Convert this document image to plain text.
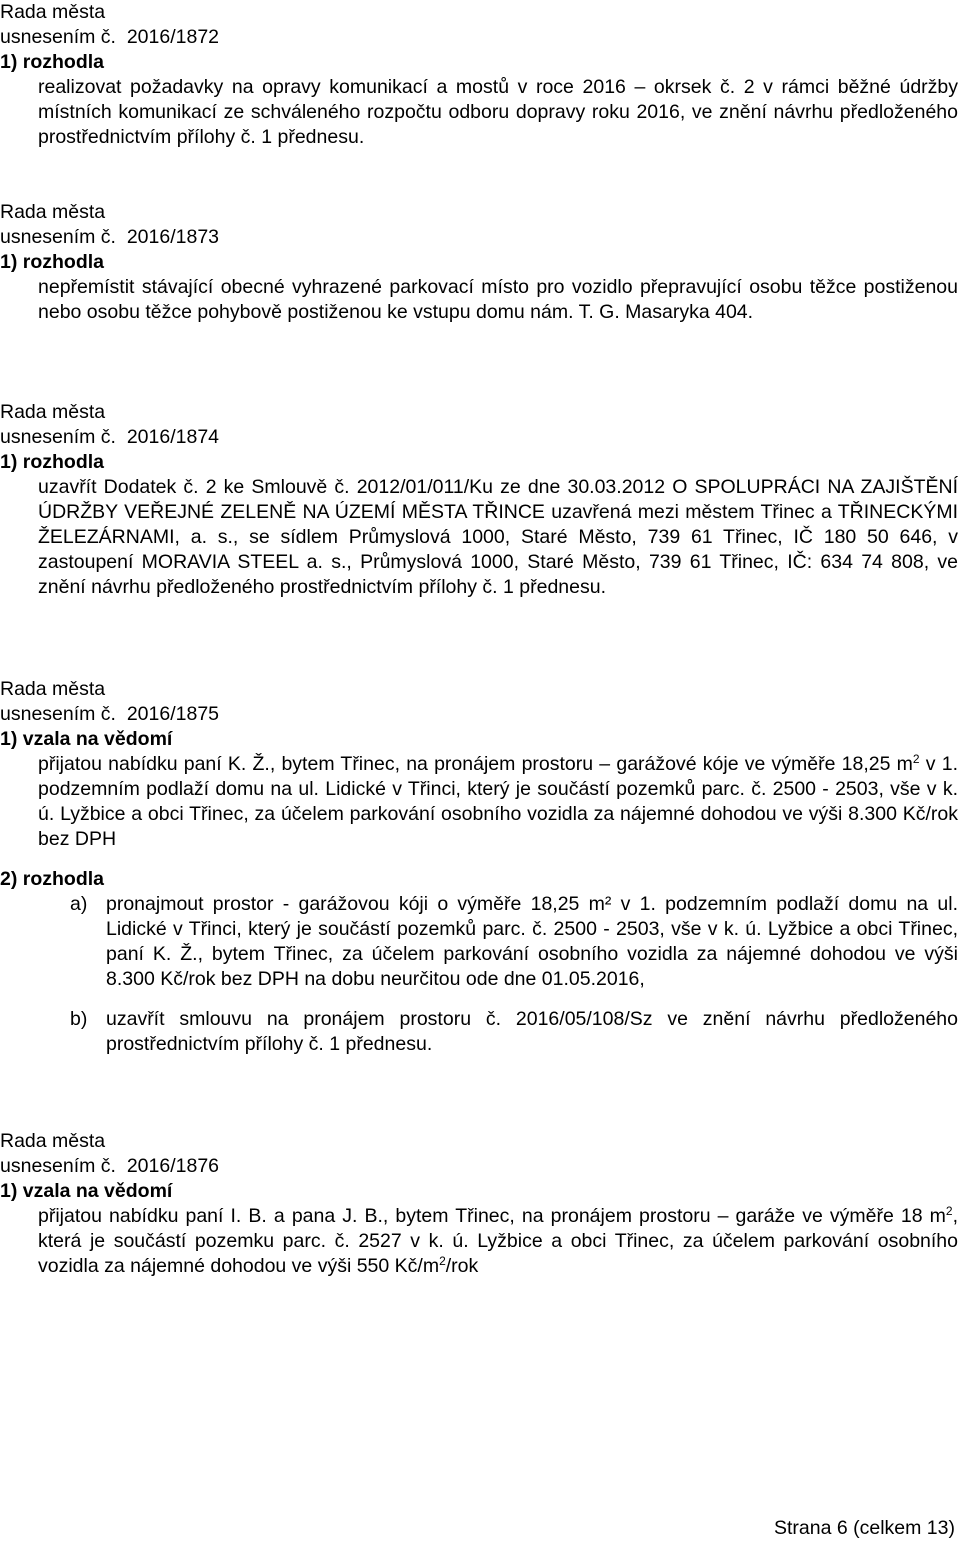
Rada města
usnesením č. 2016/1872
1) rozhodla

realizovat požadavky na opravy komunikací a mostů v roce 2016 – okrsek č. 2 v rámci běžné údržby místních komunikací ze schváleného rozpočtu odboru dopravy roku 2016, ve znění návrhu předloženého prostřednictvím přílohy č. 1 přednesu.

Rada města
usnesením č. 2016/1873
1) rozhodla

nepřemístit stávající obecné vyhrazené parkovací místo pro vozidlo přepravující osobu těžce postiženou nebo osobu těžce pohybově postiženou ke vstupu domu nám. T. G. Masaryka 404.

Rada města
usnesením č. 2016/1874
1) rozhodla

uzavřít Dodatek č. 2 ke Smlouvě č. 2012/01/011/Ku ze dne 30.03.2012 O SPOLUPRÁCI NA ZAJIŠTĚNÍ ÚDRŽBY VEŘEJNÉ ZELENĚ NA ÚZEMÍ MĚSTA TŘINCE uzavřená mezi městem Třinec a TŘINECKÝMI ŽELEZÁRNAMI, a. s., se sídlem Průmyslová 1000, Staré Město, 739 61 Třinec, IČ 180 50 646, v zastoupení MORAVIA STEEL a. s., Průmyslová 1000, Staré Město, 739 61 Třinec, IČ: 634 74 808, ve znění návrhu předloženého prostřednictvím přílohy č. 1 přednesu.

Rada města
usnesením č. 2016/1875
1) vzala na vědomí

přijatou nabídku paní K. Ž., bytem Třinec, na pronájem prostoru – garážové kóje ve výměře 18,25 $m^2$ v 1. podzemním podlaží domu na ul. Lidické v Třinci, který je součástí pozemků parc. č. 2500 - 2503, vše v k. ú. Lyžbice a obci Třinec, za účelem parkování osobního vozidla za nájemné dohodou ve výši 8.300 Kč/rok bez DPH

2) rozhodla
a) pronajmout prostor - garážovou kóji o výměře 18,25 m² v 1. podzemním podlaží domu na ul. Lidické v Třinci, který je součástí pozemků parc. č. 2500 - 2503, vše v k. ú. Lyžbice a obci Třinec, paní K. Ž., bytem Třinec, za účelem parkování osobního vozidla za nájemné dohodou ve výši 8.300 Kč/rok bez DPH na dobu neurčitou ode dne 01.05.2016,

b) uzavřít smlouvu na pronájem prostoru č. 2016/05/108/Sz ve znění návrhu předloženého prostřednictvím přílohy č. 1 přednesu.

Rada města
usnesením č. 2016/1876
1) vzala na vědomí

přijatou nabídku paní I. B. a pana J. B., bytem Třinec, na pronájem prostoru – garáže ve výměře 18 $m^2$, která je součástí pozemku parc. č. 2527 v k. ú. Lyžbice a obci Třinec, za účelem parkování osobního vozidla za nájemné dohodou ve výši 550 $Kč/m^2$/rok

Strana 6 (celkem 13)
